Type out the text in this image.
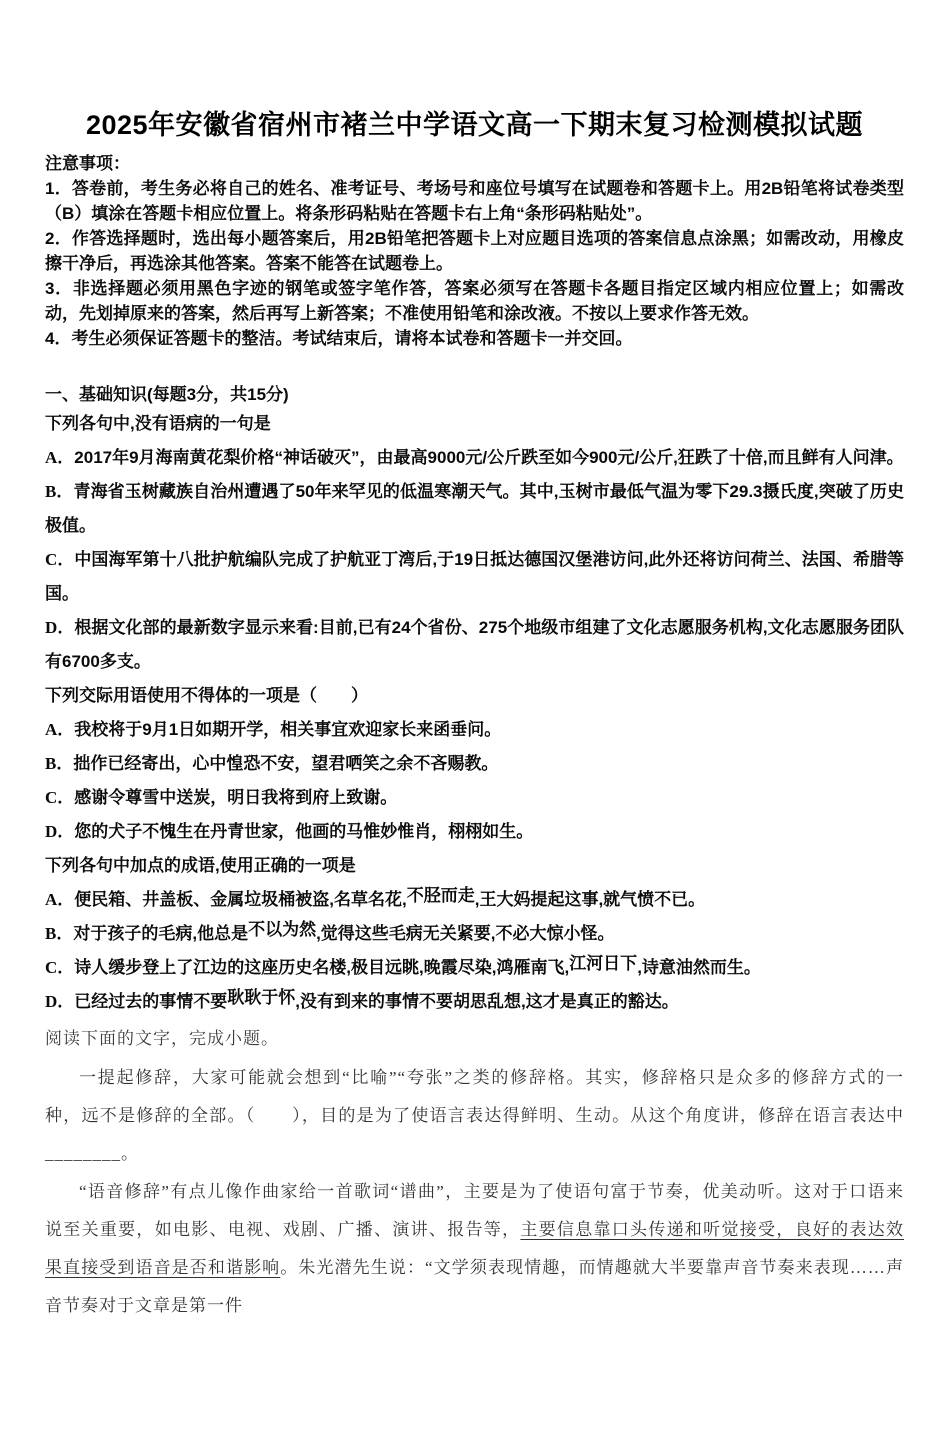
2025年安徽省宿州市褚兰中学语文高一下期末复习检测模拟试题

注意事项：

1．答卷前，考生务必将自己的姓名、准考证号、考场号和座位号填写在试题卷和答题卡上。用2B铅笔将试卷类型（B）填涂在答题卡相应位置上。将条形码粘贴在答题卡右上角“条形码粘贴处”。

2．作答选择题时，选出每小题答案后，用2B铅笔把答题卡上对应题目选项的答案信息点涂黑；如需改动，用橡皮擦干净后，再选涂其他答案。答案不能答在试题卷上。

3．非选择题必须用黑色字迹的钢笔或签字笔作答，答案必须写在答题卡各题目指定区域内相应位置上；如需改动，先划掉原来的答案，然后再写上新答案；不准使用铅笔和涂改液。不按以上要求作答无效。

4．考生必须保证答题卡的整洁。考试结束后，请将本试卷和答题卡一并交回。

一、基础知识(每题3分，共15分)

下列各句中,没有语病的一句是

A．2017年9月海南黄花梨价格“神话破灭”，由最高9000元/公斤跌至如今900元/公斤,狂跌了十倍,而且鲜有人问津。

B．青海省玉树藏族自治州遭遇了50年来罕见的低温寒潮天气。其中,玉树市最低气温为零下29.3摄氏度,突破了历史极值。

C．中国海军第十八批护航编队完成了护航亚丁湾后,于19日抵达德国汉堡港访问,此外还将访问荷兰、法国、希腊等国。

D．根据文化部的最新数字显示来看:目前,已有24个省份、275个地级市组建了文化志愿服务机构,文化志愿服务团队有6700多支。

下列交际用语使用不得体的一项是（　　）

A．我校将于9月1日如期开学，相关事宜欢迎家长来函垂问。

B．拙作已经寄出，心中惶恐不安，望君哂笑之余不吝赐教。

C．感谢令尊雪中送炭，明日我将到府上致谢。

D．您的犬子不愧生在丹青世家，他画的马惟妙惟肖，栩栩如生。

下列各句中加点的成语,使用正确的一项是

A．便民箱、井盖板、金属垃圾桶被盗,名草名花,不胫而走,王大妈提起这事,就气愤不已。

B．对于孩子的毛病,他总是不以为然,觉得这些毛病无关紧要,不必大惊小怪。

C．诗人缓步登上了江边的这座历史名楼,极目远眺,晚霞尽染,鸿雁南飞,江河日下,诗意油然而生。

D．已经过去的事情不要耿耿于怀,没有到来的事情不要胡思乱想,这才是真正的豁达。

阅读下面的文字，完成小题。

一提起修辞，大家可能就会想到“比喻”“夸张”之类的修辞格。其实，修辞格只是众多的修辞方式的一种，远不是修辞的全部。（　　），目的是为了使语言表达得鲜明、生动。从这个角度讲，修辞在语言表达中________。

“语音修辞”有点儿像作曲家给一首歌词“谱曲”，主要是为了使语句富于节奏，优美动听。这对于口语来说至关重要，如电影、电视、戏剧、广播、演讲、报告等，主要信息靠口头传递和听觉接受，良好的表达效果直接受到语音是否和谐影响。朱光潜先生说：“文学须表现情趣，而情趣就大半要靠声音节奏来表现……声音节奏对于文章是第一件
